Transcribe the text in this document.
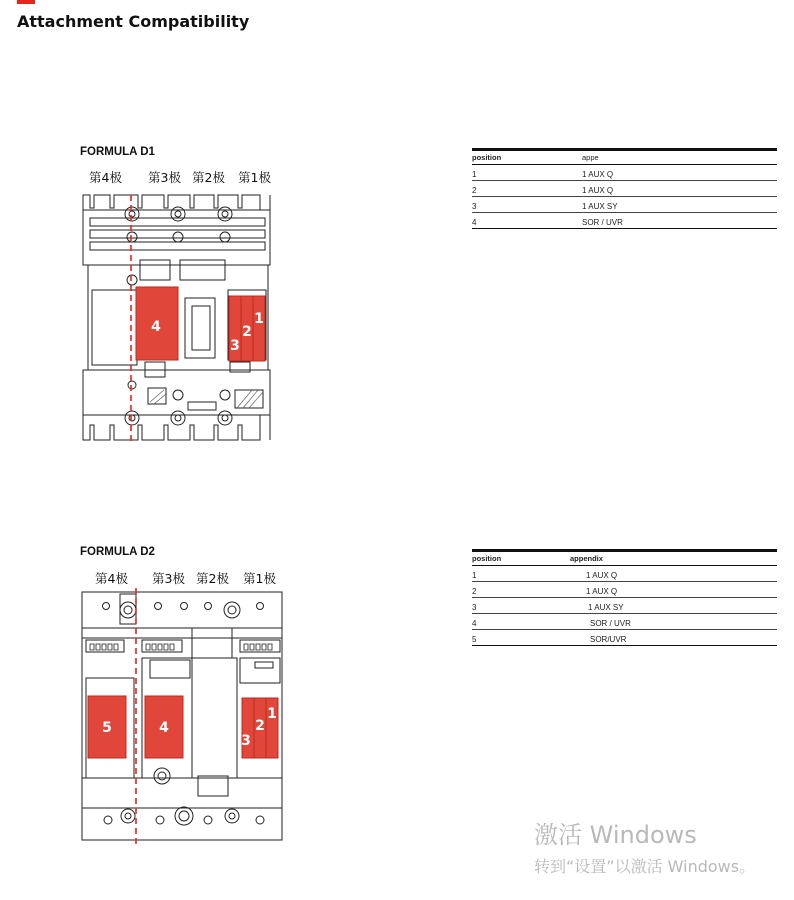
Attachment Compatibility
FORMULA D1
第4极 第3极 第2极 第1极
4
3
2
1
position	appe
1	1 AUX Q
2	1 AUX Q
3	1 AUX SY
4	SOR / UVR
FORMULA D2
第4极 第3极 第2极 第1极
5	4
3
2
1
position	appendix
1	1 AUX Q
2	1 AUX Q
3	1 AUX SY
4	SOR / UVR
5	SOR/UVR
激活 Windows
转到“设置”以激活 Windows。
